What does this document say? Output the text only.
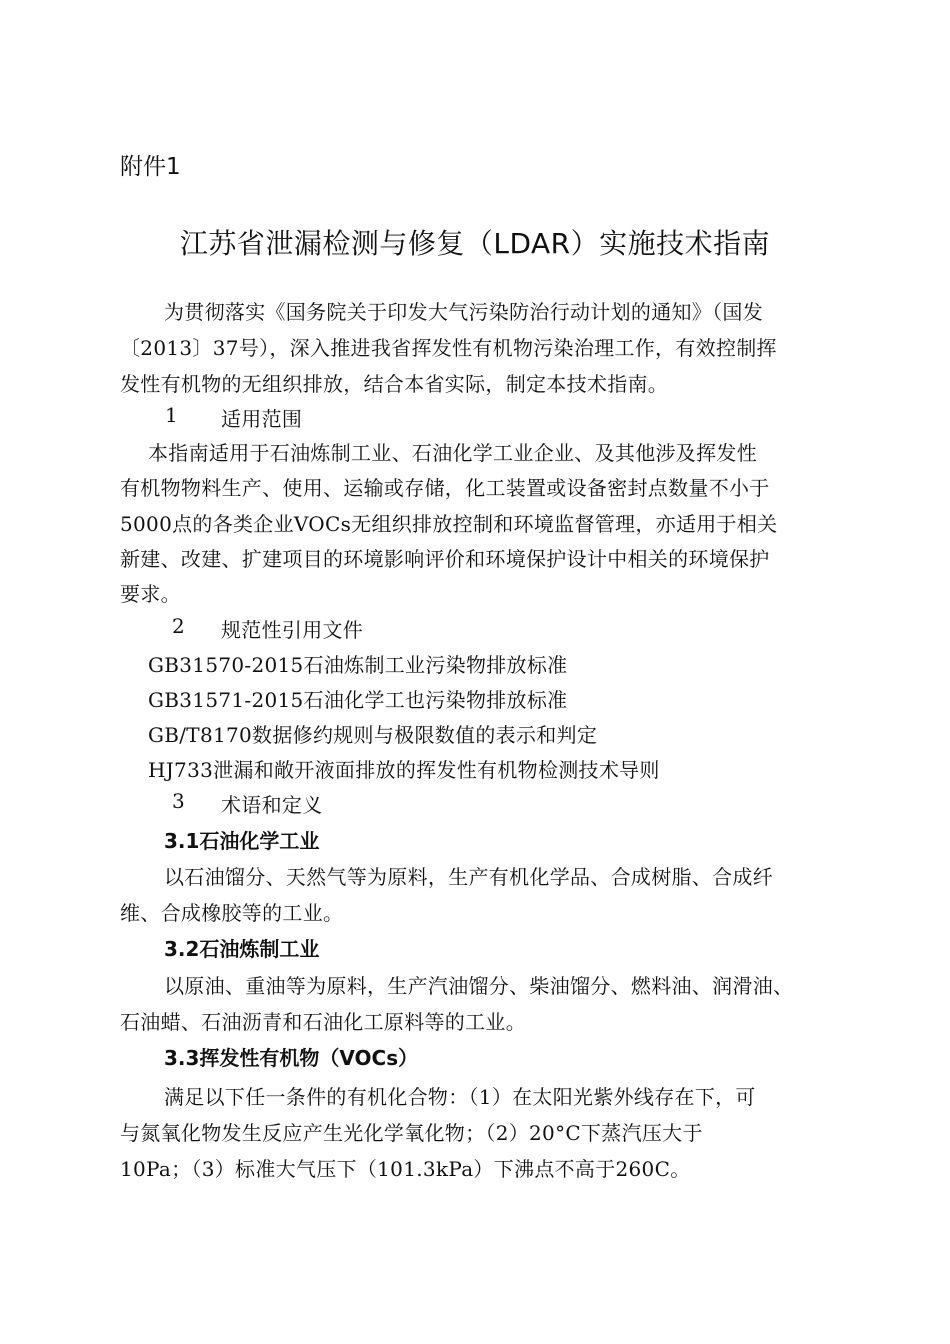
附件1
江苏省泄漏检测与修复（LDAR）实施技术指南
为贯彻落实《国务院关于印发大气污染防治行动计划的通知》（国发
〔2013〕37号），深入推进我省挥发性有机物污染治理工作，有效控制挥
发性有机物的无组织排放，结合本省实际，制定本技术指南。
1 适用范围
本指南适用于石油炼制工业、石油化学工业企业、及其他涉及挥发性
有机物物料生产、使用、运输或存储，化工装置或设备密封点数量不小于
5000点的各类企业VOCs无组织排放控制和环境监督管理，亦适用于相关
新建、改建、扩建项目的环境影响评价和环境保护设计中相关的环境保护
要求。
2 规范性引用文件
GB31570-2015石油炼制工业污染物排放标准
GB31571-2015石油化学工也污染物排放标准
GB/T8170数据修约规则与极限数值的表示和判定
HJ733泄漏和敞开液面排放的挥发性有机物检测技术导则
3 术语和定义
3.1石油化学工业
以石油馏分、天然气等为原料，生产有机化学品、合成树脂、合成纤
维、合成橡胶等的工业。
3.2石油炼制工业
以原油、重油等为原料，生产汽油馏分、柴油馏分、燃料油、润滑油、
石油蜡、石油沥青和石油化工原料等的工业。
3.3挥发性有机物（VOCs）
满足以下任一条件的有机化合物：（1）在太阳光紫外线存在下，可
与氮氧化物发生反应产生光化学氧化物；（2）20°C下蒸汽压大于
10Pa；（3）标准大气压下（101.3kPa）下沸点不高于260C。
